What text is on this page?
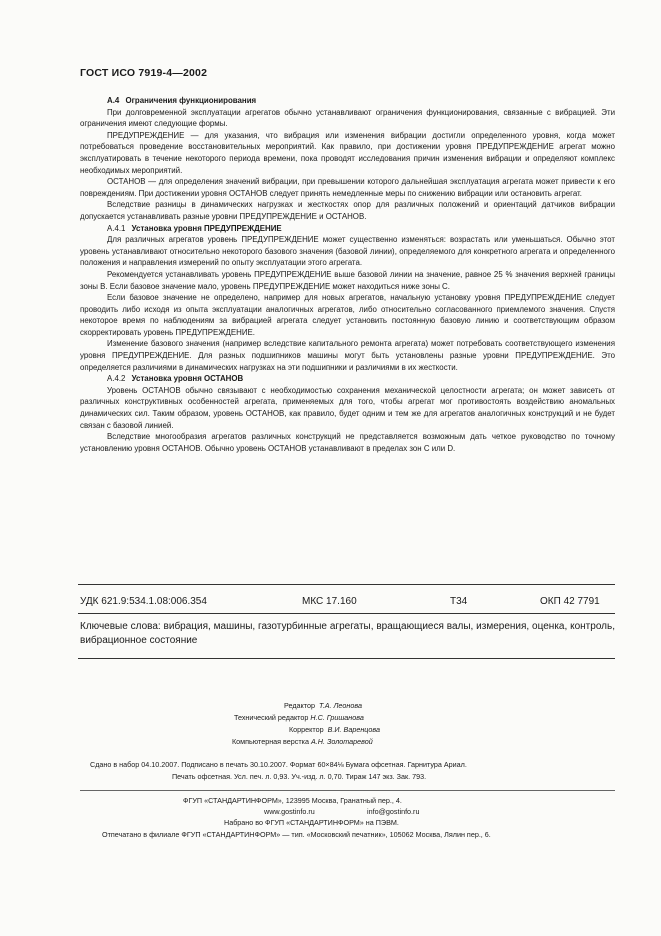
ГОСТ ИСО 7919-4—2002
А.4 Ограничения функционирования

При долговременной эксплуатации агрегатов обычно устанавливают ограничения функционирования, связанные с вибрацией. Эти ограничения имеют следующие формы.

ПРЕДУПРЕЖДЕНИЕ — для указания, что вибрация или изменения вибрации достигли определенного уровня, когда может потребоваться проведение восстановительных мероприятий. Как правило, при достижении уровня ПРЕДУПРЕЖДЕНИЕ агрегат можно эксплуатировать в течение некоторого периода времени, пока проводят исследования причин изменения вибрации и определяют комплекс необходимых мероприятий.

ОСТАНОВ — для определения значений вибрации, при превышении которого дальнейшая эксплуатация агрегата может привести к его повреждениям. При достижении уровня ОСТАНОВ следует принять немедленные меры по снижению вибрации или остановить агрегат.

Вследствие разницы в динамических нагрузках и жесткостях опор для различных положений и ориентаций датчиков вибрации допускается устанавливать разные уровни ПРЕДУПРЕЖДЕНИЕ и ОСТАНОВ.

А.4.1 Установка уровня ПРЕДУПРЕЖДЕНИЕ

Для различных агрегатов уровень ПРЕДУПРЕЖДЕНИЕ может существенно изменяться: возрастать или уменьшаться. Обычно этот уровень устанавливают относительно некоторого базового значения (базовой линии), определяемого для конкретного агрегата и определенного положения и направления измерений по опыту эксплуатации этого агрегата.

Рекомендуется устанавливать уровень ПРЕДУПРЕЖДЕНИЕ выше базовой линии на значение, равное 25 % значения верхней границы зоны В. Если базовое значение мало, уровень ПРЕДУПРЕЖДЕНИЕ может находиться ниже зоны С.

Если базовое значение не определено, например для новых агрегатов, начальную установку уровня ПРЕДУПРЕЖДЕНИЕ следует проводить либо исходя из опыта эксплуатации аналогичных агрегатов, либо относительно согласованного приемлемого значения. Спустя некоторое время по наблюдениям за вибрацией агрегата следует установить постоянную базовую линию и соответствующим образом скорректировать уровень ПРЕДУПРЕЖДЕНИЕ.

Изменение базового значения (например вследствие капитального ремонта агрегата) может потребовать соответствующего изменения уровня ПРЕДУПРЕЖДЕНИЕ. Для разных подшипников машины могут быть установлены разные уровни ПРЕДУПРЕЖДЕНИЕ. Это определяется различиями в динамических нагрузках на эти подшипники и различиями в их жесткости.

А.4.2 Установка уровня ОСТАНОВ

Уровень ОСТАНОВ обычно связывают с необходимостью сохранения механической целостности агрегата; он может зависеть от различных конструктивных особенностей агрегата, применяемых для того, чтобы агрегат мог противостоять воздействию аномальных динамических сил. Таким образом, уровень ОСТАНОВ, как правило, будет одним и тем же для агрегатов аналогичных конструкций и не будет связан с базовой линией.

Вследствие многообразия агрегатов различных конструкций не представляется возможным дать четкое руководство по точному установлению уровня ОСТАНОВ. Обычно уровень ОСТАНОВ устанавливают в пределах зон С или D.

УДК 621.9:534.1.08:006.354	МКС 17.160	Т34	ОКП 42 7791
Ключевые слова: вибрация, машины, газотурбинные агрегаты, вращающиеся валы, измерения, оценка, контроль, вибрационное состояние
Редактор Т.А. Леонова
Технический редактор Н.С. Гришанова
Корректор В.И. Варенцова
Компьютерная верстка А.Н. Золотаревой
Сдано в набор 04.10.2007. Подписано в печать 30.10.2007. Формат 60×84⅛ Бумага офсетная. Гарнитура Ариал.
Печать офсетная. Усл. печ. л. 0,93. Уч.-изд. л. 0,70. Тираж 147 экз. Зак. 793.
ФГУП «СТАНДАРТИНФОРМ», 123995 Москва, Гранатный пер., 4.
www.gostinfo.ru	info@gostinfo.ru
Набрано во ФГУП «СТАНДАРТИНФОРМ» на ПЭВМ.
Отпечатано в филиале ФГУП «СТАНДАРТИНФОРМ» — тип. «Московский печатник», 105062 Москва, Лялин пер., 6.
